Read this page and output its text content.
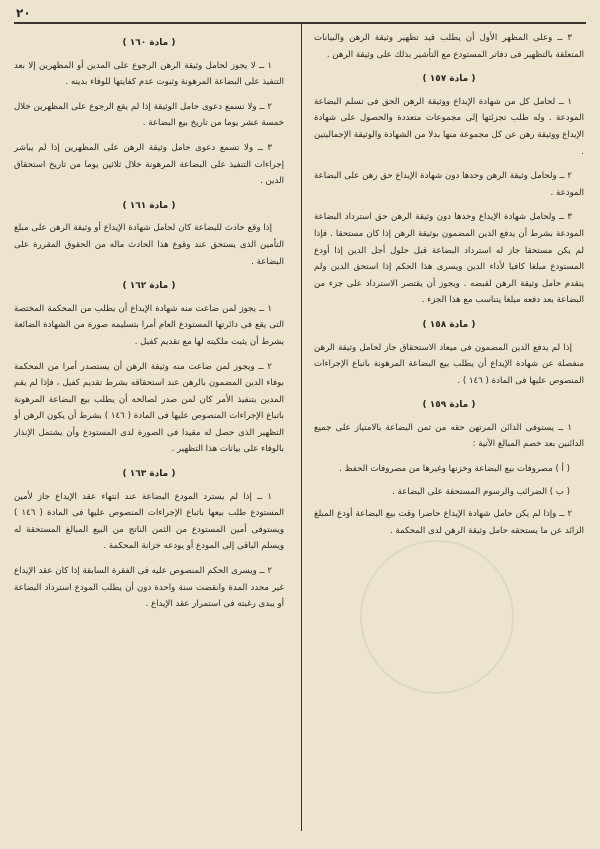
٢٠

٣ ــ وعلى المظهر الأول أن يطلب قيد تظهير وثيقة الرهن والبيانات المتعلقة بالتظهير فى دفاتر المستودع مع التأشير بذلك على وثيقة الرهن .

( مادة ١٥٧ )

١ ــ لحامل كل من شهادة الإيداع ووثيقة الرهن الحق فى تسلم البضاعة المودعة . وله طلب تجزئتها إلى مجموعات متعددة والحصول على شهادة الإيداع ووثيقة رهن عن كل مجموعة منها بدلا من الشهادة والوثيقة الإجماليتين .

٢ ــ ولحامل وثيقة الرهن وحدها دون شهادة الإيداع حق رهن على البضاعة المودعة .

٣ ــ ولحامل شهادة الإيداع وحدها دون وثيقة الرهن حق استرداد البضاعة المودعة بشرط أن يدفع الدين المضمون بوثيقة الرهن إذا كان مستحقا . فإذا لم يكن مستحقا جاز له استرداد البضاعة قبل حلول أجل الدين إذا أودع المستودع مبلغا كافيا لأداء الدين ويسرى هذا الحكم إذا استحق الدين ولم يتقدم حامل وثيقة الرهن لقبضه . ويجوز أن يقتصر الاسترداد على جزء من البضاعة بعد دفعه مبلغا يتناسب مع هذا الجزء .

( مادة ١٥٨ )

إذا لم يدفع الدين المضمون فى ميعاد الاستحقاق جاز لحامل وثيقة الرهن منفصلة عن شهادة الإيداع أن يطلب بيع البضاعة المرهونة باتباع الإجراءات المنصوص عليها فى المادة ( ١٤٦ ) .

( مادة ١٥٩ )

١ ــ يستوفى الدائن المرتهن حقه من ثمن البضاعة بالامتياز على جميع الدائنين بعد خصم المبالغ الآتية :

( أ ) مصروفات بيع البضاعة وخزنها وغيرها من مصروفات الحفظ .

( ب ) الضرائب والرسوم المستحقة على البضاعة .

٢ ــ وإذا لم يكن حامل شهادة الإيداع حاضرا وقت بيع البضاعة أودع المبلغ الزائد عن ما يستحقه حامل وثيقة الرهن لدى المحكمة .

( مادة ١٦٠ )

١ ــ لا يجوز لحامل وثيقة الرهن الرجوع على المدين أو المظهرين إلا بعد التنفيذ على البضاعة المرهونة وثبوت عدم كفايتها للوفاء بدينه .

٢ ــ ولا تسمع دعوى حامل الوثيقة إذا لم يقع الرجوع على المظهرين خلال خمسة عشر يوما من تاريخ بيع البضاعة .

٣ ــ ولا تسمع دعوى حامل وثيقة الرهن على المظهرين إذا لم يباشر إجراءات التنفيذ على البضاعة المرهونة خلال ثلاثين يوما من تاريخ استحقاق الدين .

( مادة ١٦١ )

إذا وقع حادث للبضاعة كان لحامل شهادة الإيداع أو وثيقة الرهن على مبلغ التأمين الذى يستحق عند وقوع هذا الحادث ماله من الحقوق المقررة على البضاعة .

( مادة ١٦٢ )

١ ــ يجوز لمن ضاعت منه شهادة الإيداع أن يطلب من المحكمة المختصة التى يقع فى دائرتها المستودع العام أمرا بتسليمه صورة من الشهادة الضائعة بشرط أن يثبت ملكيته لها مع تقديم كفيل .

٢ ــ ويجوز لمن ضاعت منه وثيقة الرهن أن يستصدر أمرا من المحكمة بوفاء الدين المضمون بالرهن عند استحقاقه بشرط تقديم كفيل ، فإذا لم يقم المدين بتنفيذ الأمر كان لمن صدر لصالحه أن يطلب بيع البضاعة المرهونة باتباع الإجراءات المنصوص عليها فى المادة ( ١٤٦ ) بشرط أن يكون الرهن أو التظهير الذى حصل له مقيدا فى الصورة لدى المستودع وأن يشتمل الإنذار بالوفاء على بيانات هذا التظهير .

( مادة ١٦٣ )

١ ــ إذا لم يسترد المودع البضاعة عند انتهاء عقد الإيداع جاز لأمين المستودع طلب بيعها باتباع الإجراءات المنصوص عليها فى المادة ( ١٤٦ ) ويستوفى أمين المستودع من الثمن الناتج من البيع المبالغ المستحقة له ويسلم الباقى إلى المودع أو يودعه خزانة المحكمة .

٢ ــ ويسرى الحكم المنصوص عليه فى الفقرة السابقة إذا كان عقد الإيداع غير محدد المدة وانقضت سنة واحدة دون أن يطلب المودع استرداد البضاعة أو يبدى رغبته فى استمرار عقد الإيداع .
